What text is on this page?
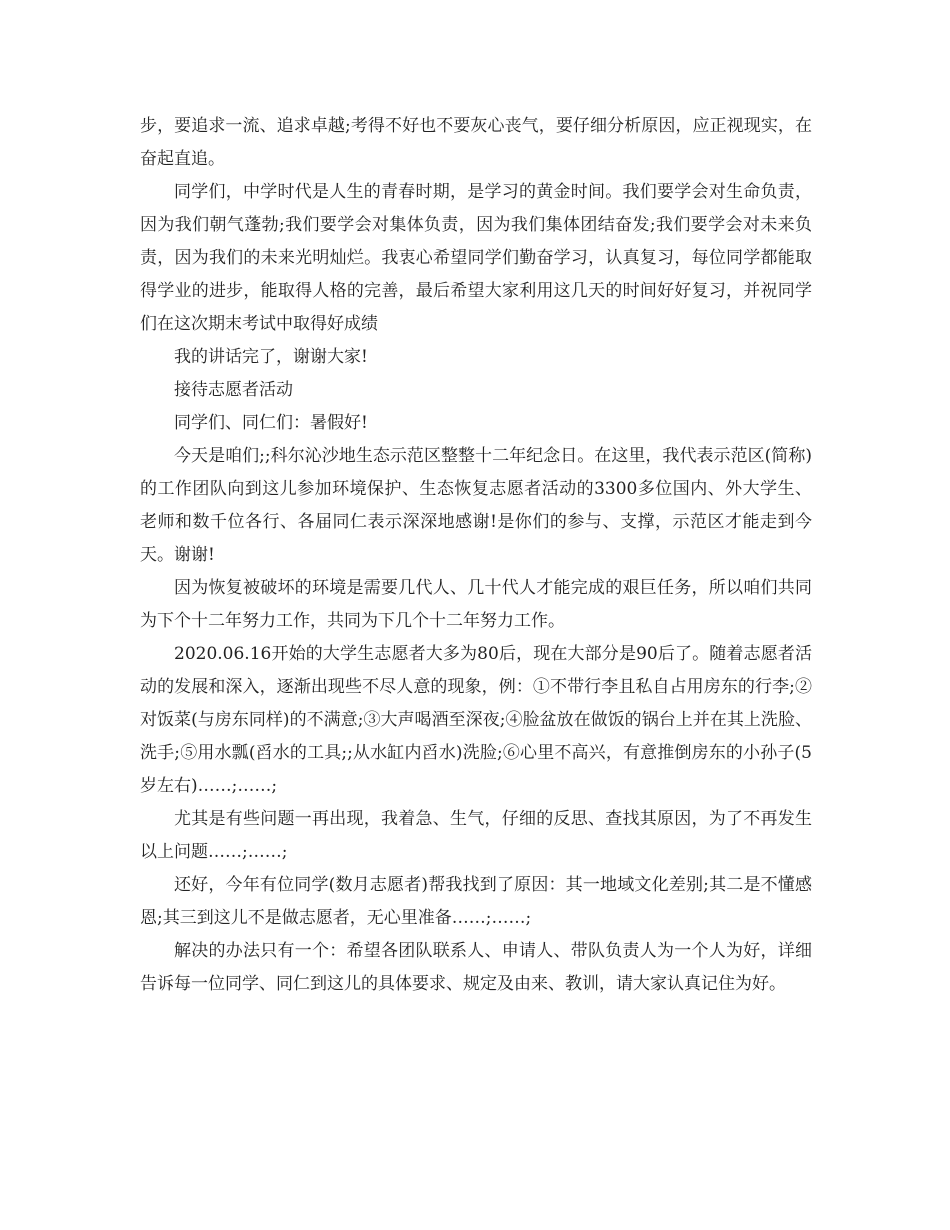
步，要追求一流、追求卓越;考得不好也不要灰心丧气，要仔细分析原因，应正视现实，在奋起直追。

同学们，中学时代是人生的青春时期，是学习的黄金时间。我们要学会对生命负责，因为我们朝气蓬勃;我们要学会对集体负责，因为我们集体团结奋发;我们要学会对未来负责，因为我们的未来光明灿烂。我衷心希望同学们勤奋学习，认真复习，每位同学都能取得学业的进步，能取得人格的完善，最后希望大家利用这几天的时间好好复习，并祝同学们在这次期末考试中取得好成绩

我的讲话完了，谢谢大家!

接待志愿者活动

同学们、同仁们：暑假好!

今天是咱们;;科尔沁沙地生态示范区整整十二年纪念日。在这里，我代表示范区(简称)的工作团队向到这儿参加环境保护、生态恢复志愿者活动的3300多位国内、外大学生、老师和数千位各行、各届同仁表示深深地感谢!是你们的参与、支撑，示范区才能走到今天。谢谢!

因为恢复被破坏的环境是需要几代人、几十代人才能完成的艰巨任务，所以咱们共同为下个十二年努力工作，共同为下几个十二年努力工作。

2020.06.16开始的大学生志愿者大多为80后，现在大部分是90后了。随着志愿者活动的发展和深入，逐渐出现些不尽人意的现象，例：①不带行李且私自占用房东的行李;②对饭菜(与房东同样)的不满意;③大声喝酒至深夜;④脸盆放在做饭的锅台上并在其上洗脸、洗手;⑤用水瓢(舀水的工具;;从水缸内舀水)洗脸;⑥心里不高兴，有意推倒房东的小孙子(5岁左右)……;……;

尤其是有些问题一再出现，我着急、生气，仔细的反思、查找其原因，为了不再发生以上问题……;……;

还好，今年有位同学(数月志愿者)帮我找到了原因：其一地域文化差别;其二是不懂感恩;其三到这儿不是做志愿者，无心里准备……;……;

解决的办法只有一个：希望各团队联系人、申请人、带队负责人为一个人为好，详细告诉每一位同学、同仁到这儿的具体要求、规定及由来、教训，请大家认真记住为好。
